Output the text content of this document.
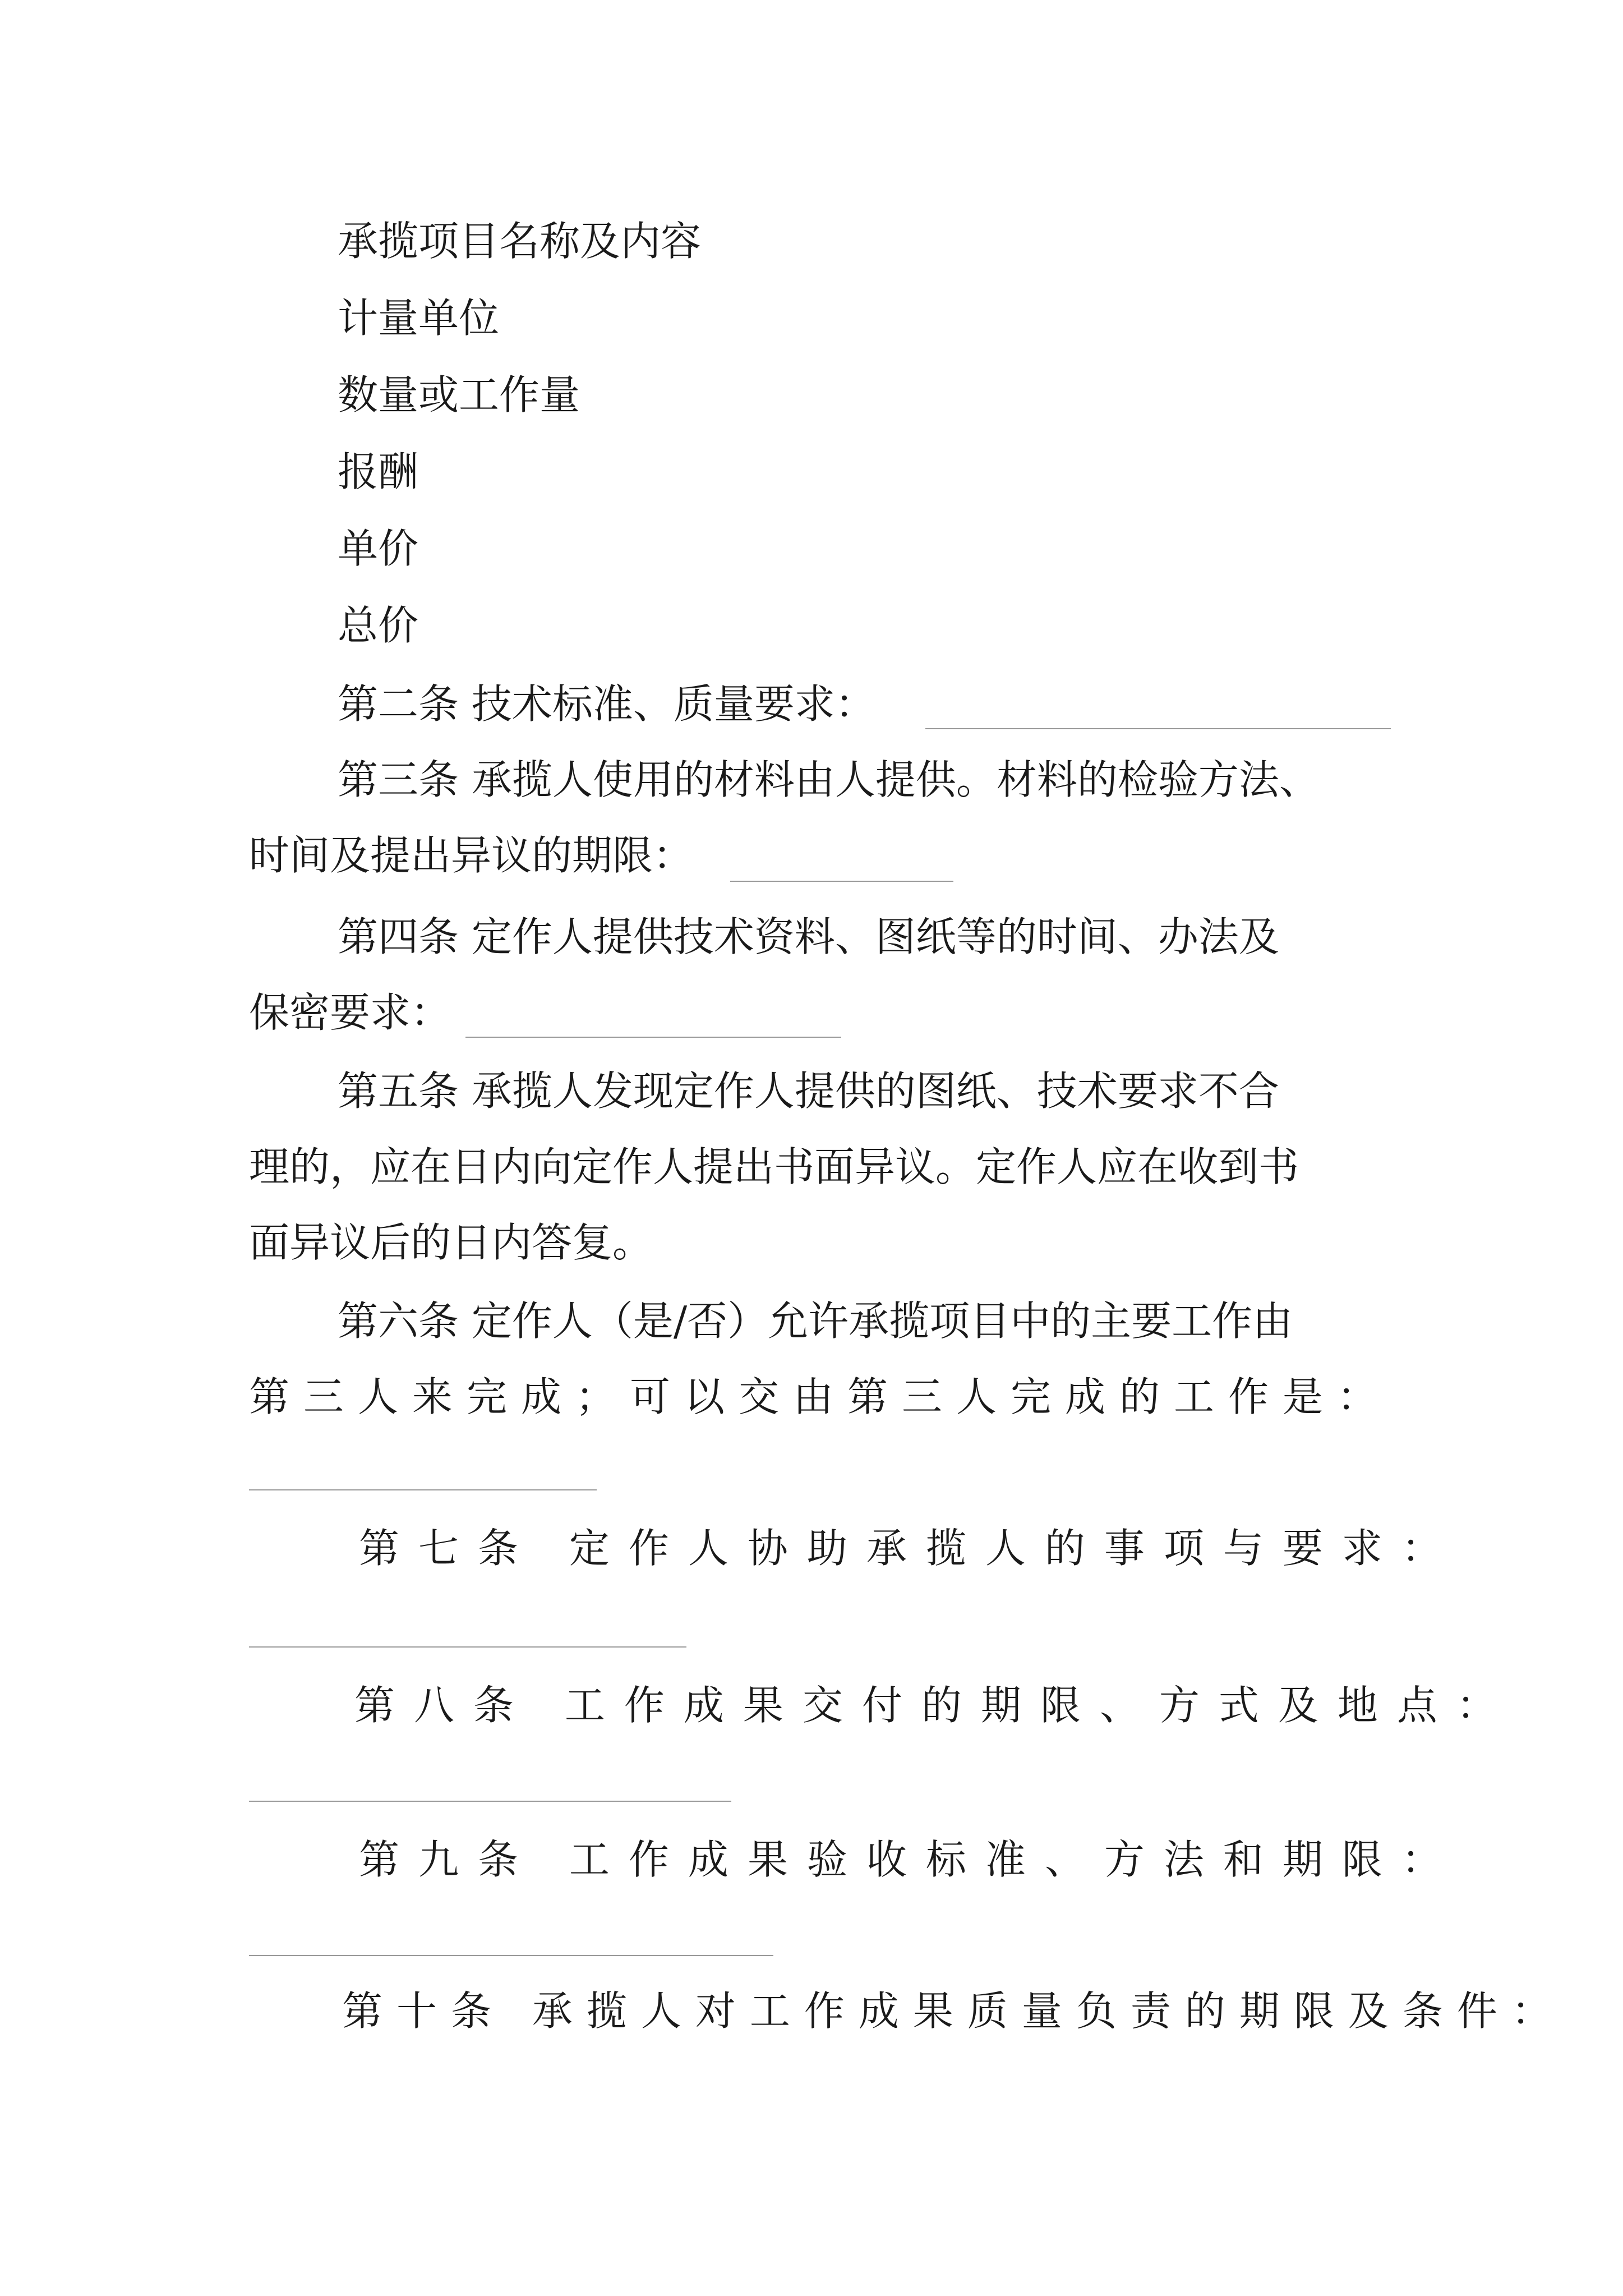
承揽项目名称及内容
计量单位
数量或工作量
报酬
单价
总价
第二条 技术标准、质量要求：
第三条 承揽人使用的材料由人提供。材料的检验方法、
时间及提出异议的期限：
第四条 定作人提供技术资料、图纸等的时间、办法及
保密要求：
第五条 承揽人发现定作人提供的图纸、技术要求不合
理的，应在日内向定作人提出书面异议。定作人应在收到书
面异议后的日内答复。
第六条 定作人（是/否）允许承揽项目中的主要工作由
第三人来完成；可以交由第三人完成的工作是：
第七条 定作人协助承揽人的事项与要求：
第八条 工作成果交付的期限、方式及地点：
第九条 工作成果验收标准、方法和期限：
第十条 承揽人对工作成果质量负责的期限及条件：
